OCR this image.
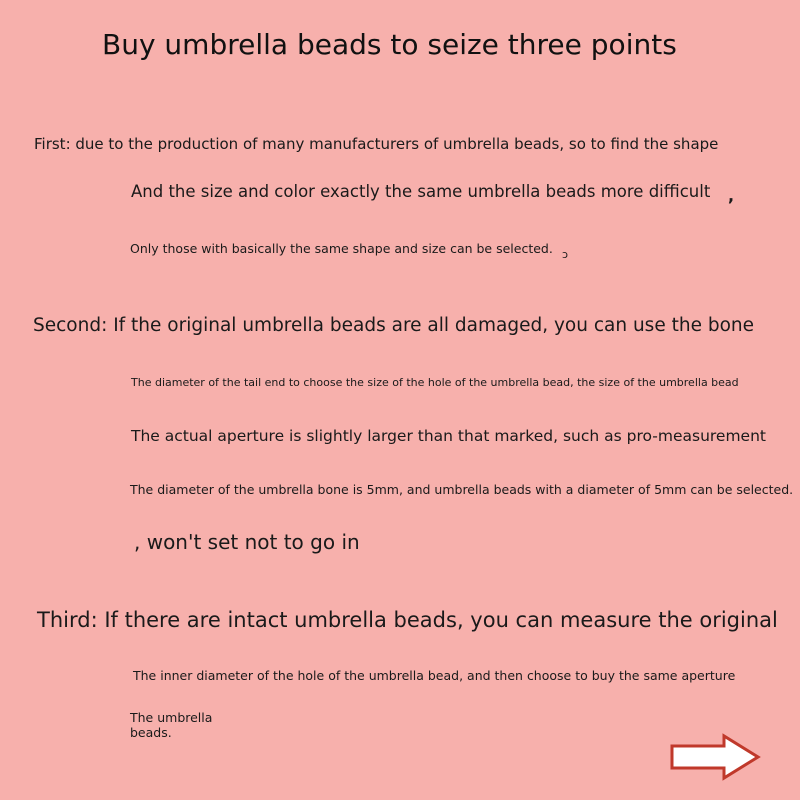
Buy umbrella beads to seize three points
First: due to the production of many manufacturers of umbrella beads, so to find the shape
And the size and color exactly the same umbrella beads more difficult ,
Only those with basically the same shape and size can be selected. ɔ
Second: If the original umbrella beads are all damaged, you can use the bone
The diameter of the tail end to choose the size of the hole of the umbrella bead, the size of the umbrella bead
The actual aperture is slightly larger than that marked, such as pro-measurement
The diameter of the umbrella bone is 5mm, and umbrella beads with a diameter of 5mm can be selected.
, won't set not to go in
Third: If there are intact umbrella beads, you can measure the original
The inner diameter of the hole of the umbrella bead, and then choose to buy the same aperture
The umbrella beads.
